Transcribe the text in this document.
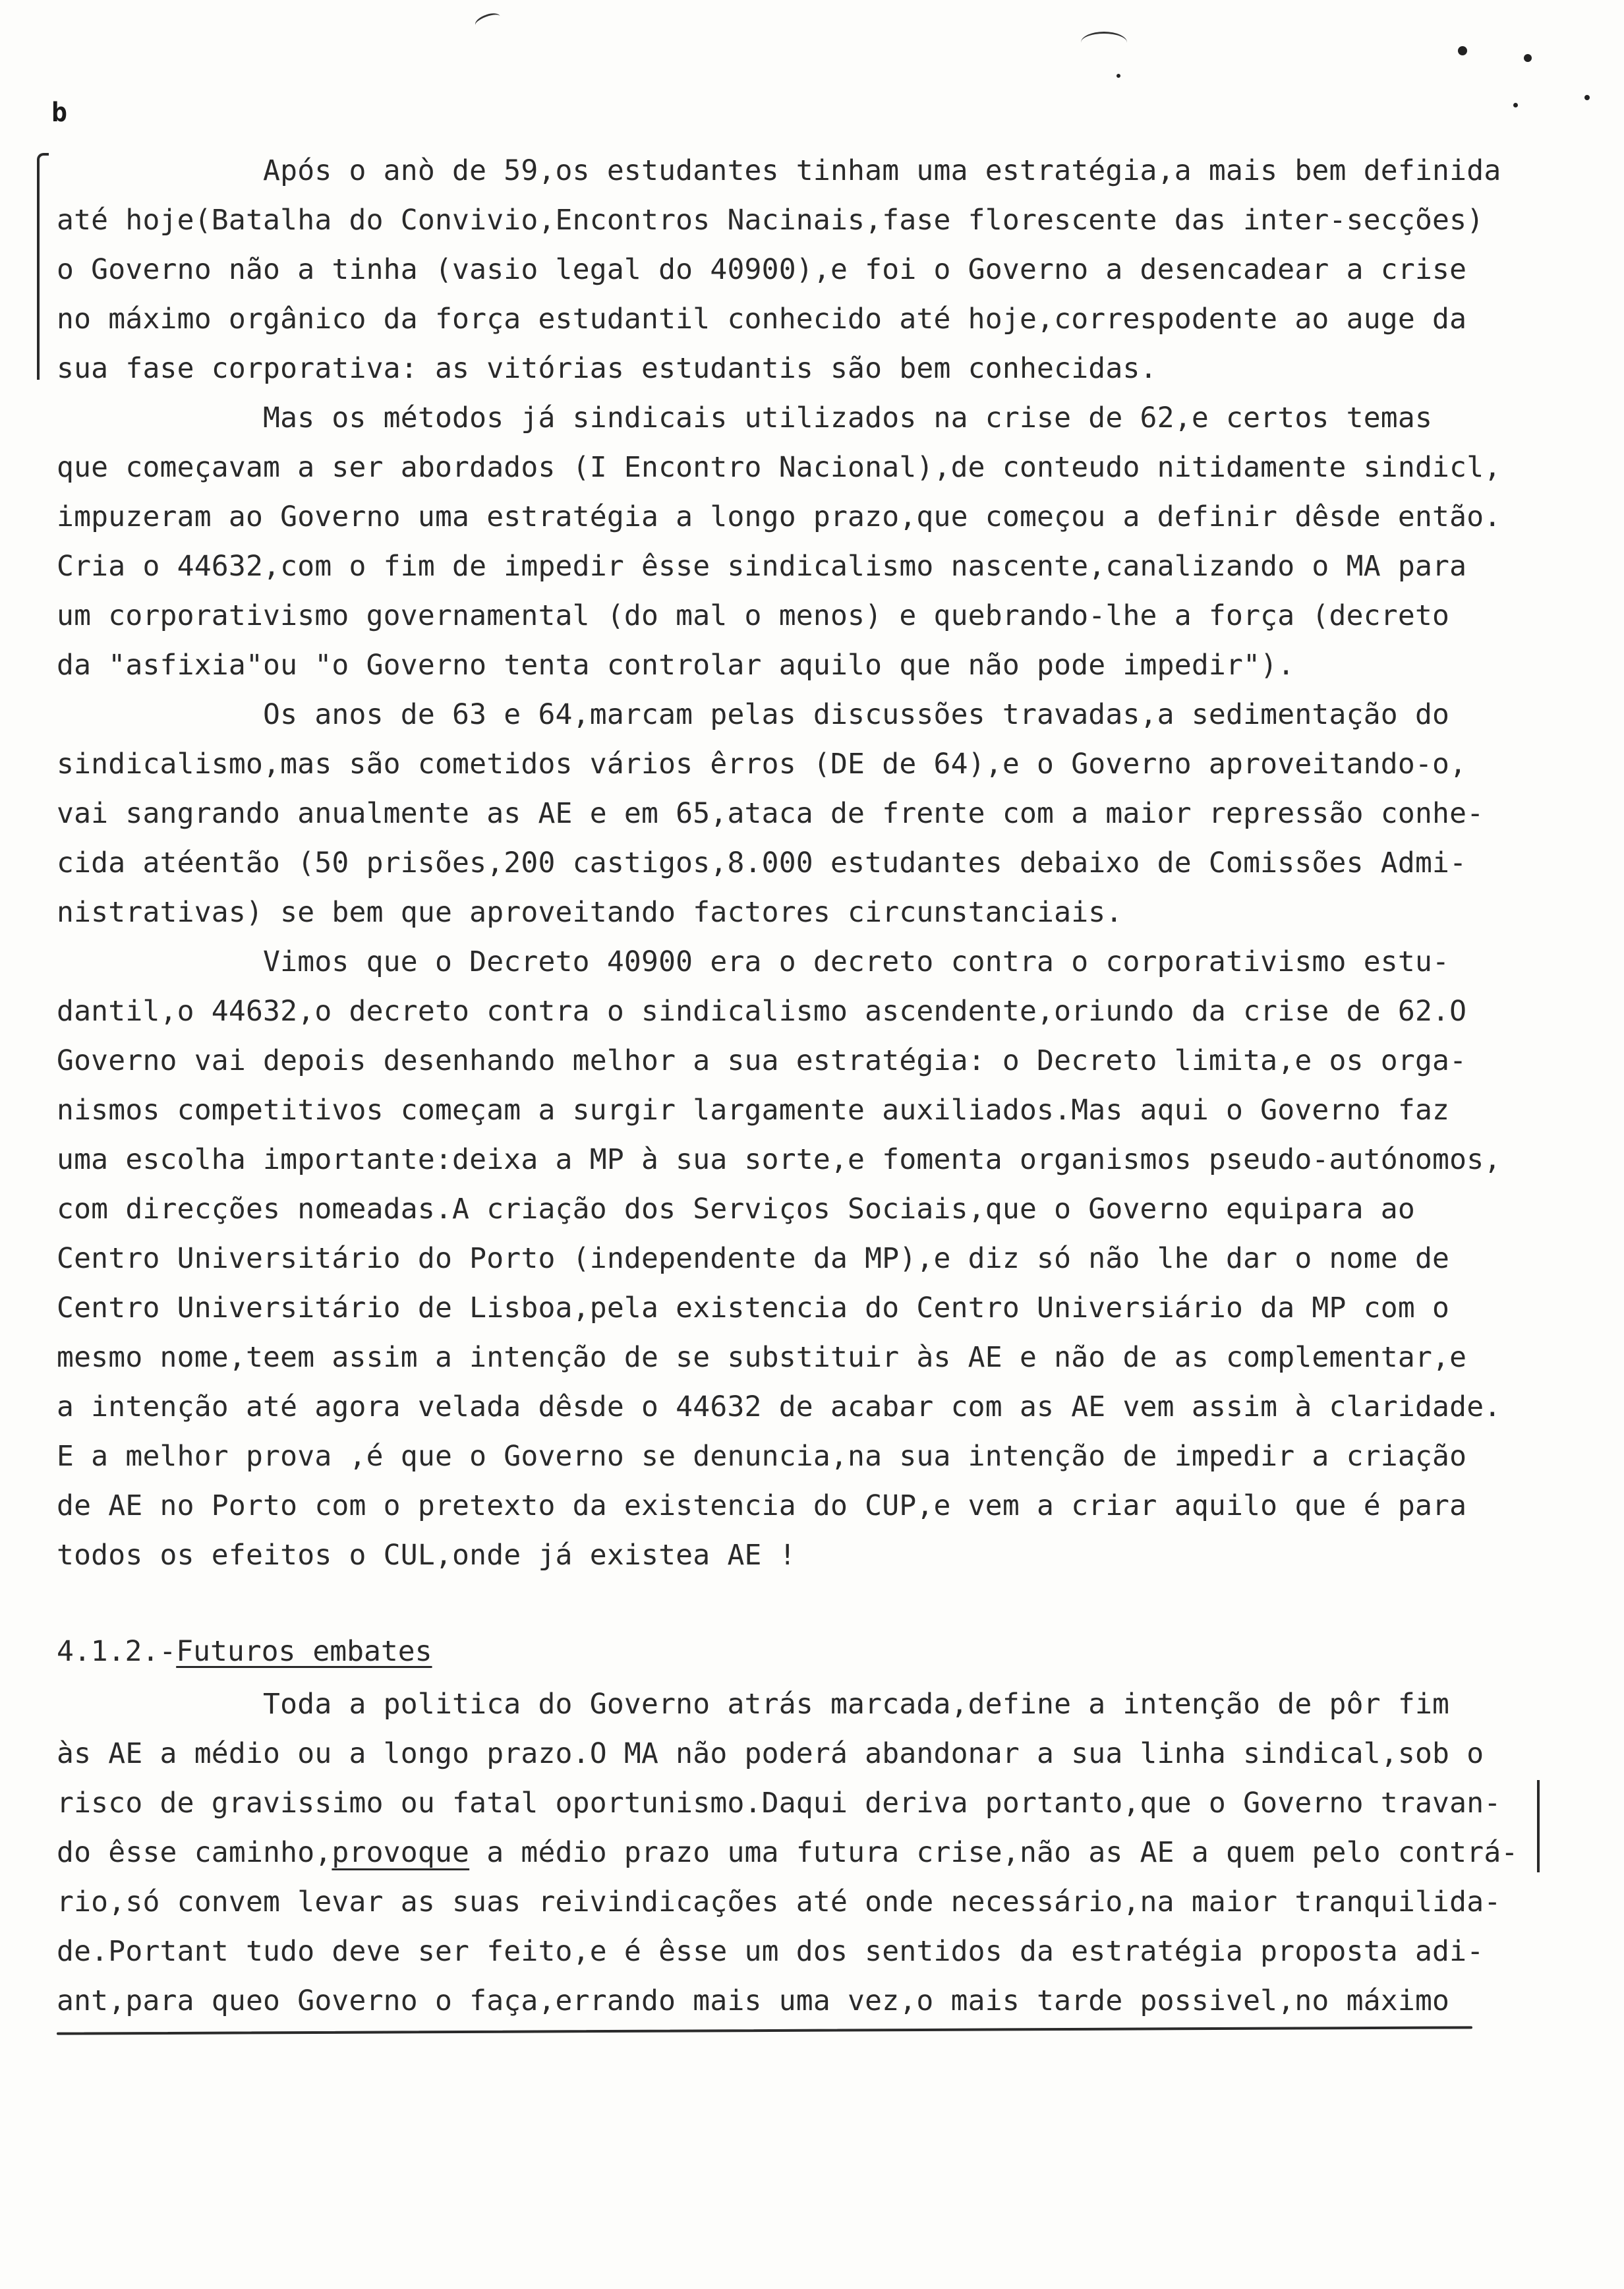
b
Após o anò de 59,os estudantes tinham uma estratégia,a mais bem definida
até hoje(Batalha do Convivio,Encontros Nacinais,fase florescente das inter-secções)
o Governo não a tinha (vasio legal do 40900),e foi o Governo a desencadear a crise
no máximo orgânico da força estudantil conhecido até hoje,correspodente ao auge da
sua fase corporativa: as vitórias estudantis são bem conhecidas.
Mas os métodos já sindicais utilizados na crise de 62,e certos temas
que começavam a ser abordados (I Encontro Nacional),de conteudo nitidamente sindicl,
impuzeram ao Governo uma estratégia a longo prazo,que começou a definir dêsde então.
Cria o 44632,com o fim de impedir êsse sindicalismo nascente,canalizando o MA para
um corporativismo governamental (do mal o menos) e quebrando-lhe a força (decreto
da "asfixia"ou "o Governo tenta controlar aquilo que não pode impedir").
Os anos de 63 e 64,marcam pelas discussões travadas,a sedimentação do
sindicalismo,mas são cometidos vários êrros (DE de 64),e o Governo aproveitando-o,
vai sangrando anualmente as AE e em 65,ataca de frente com a maior repressão conhe-
cida atéentão (50 prisões,200 castigos,8.000 estudantes debaixo de Comissões Admi-
nistrativas) se bem que aproveitando factores circunstanciais.
Vimos que o Decreto 40900 era o decreto contra o corporativismo estu-
dantil,o 44632,o decreto contra o sindicalismo ascendente,oriundo da crise de 62.O
Governo vai depois desenhando melhor a sua estratégia: o Decreto limita,e os orga-
nismos competitivos começam a surgir largamente auxiliados.Mas aqui o Governo faz
uma escolha importante:deixa a MP à sua sorte,e fomenta organismos pseudo-autónomos,
com direcções nomeadas.A criação dos Serviços Sociais,que o Governo equipara ao
Centro Universitário do Porto (independente da MP),e diz só não lhe dar o nome de
Centro Universitário de Lisboa,pela existencia do Centro Universiário da MP com o
mesmo nome,teem assim a intenção de se substituir às AE e não de as complementar,e
a intenção até agora velada dêsde o 44632 de acabar com as AE vem assim à claridade.
E a melhor prova ,é que o Governo se denuncia,na sua intenção de impedir a criação
de AE no Porto com o pretexto da existencia do CUP,e vem a criar aquilo que é para
todos os efeitos o CUL,onde já existea AE !
4.1.2.-Futuros embates
Toda a politica do Governo atrás marcada,define a intenção de pôr fim
às AE a médio ou a longo prazo.O MA não poderá abandonar a sua linha sindical,sob o
risco de gravissimo ou fatal oportunismo.Daqui deriva portanto,que o Governo travan-
do êsse caminho,provoque a médio prazo uma futura crise,não as AE a quem pelo contrá-
rio,só convem levar as suas reivindicações até onde necessário,na maior tranquilida-
de.Portant tudo deve ser feito,e é êsse um dos sentidos da estratégia proposta adi-
ant,para queo Governo o faça,errando mais uma vez,o mais tarde possivel,no máximo
